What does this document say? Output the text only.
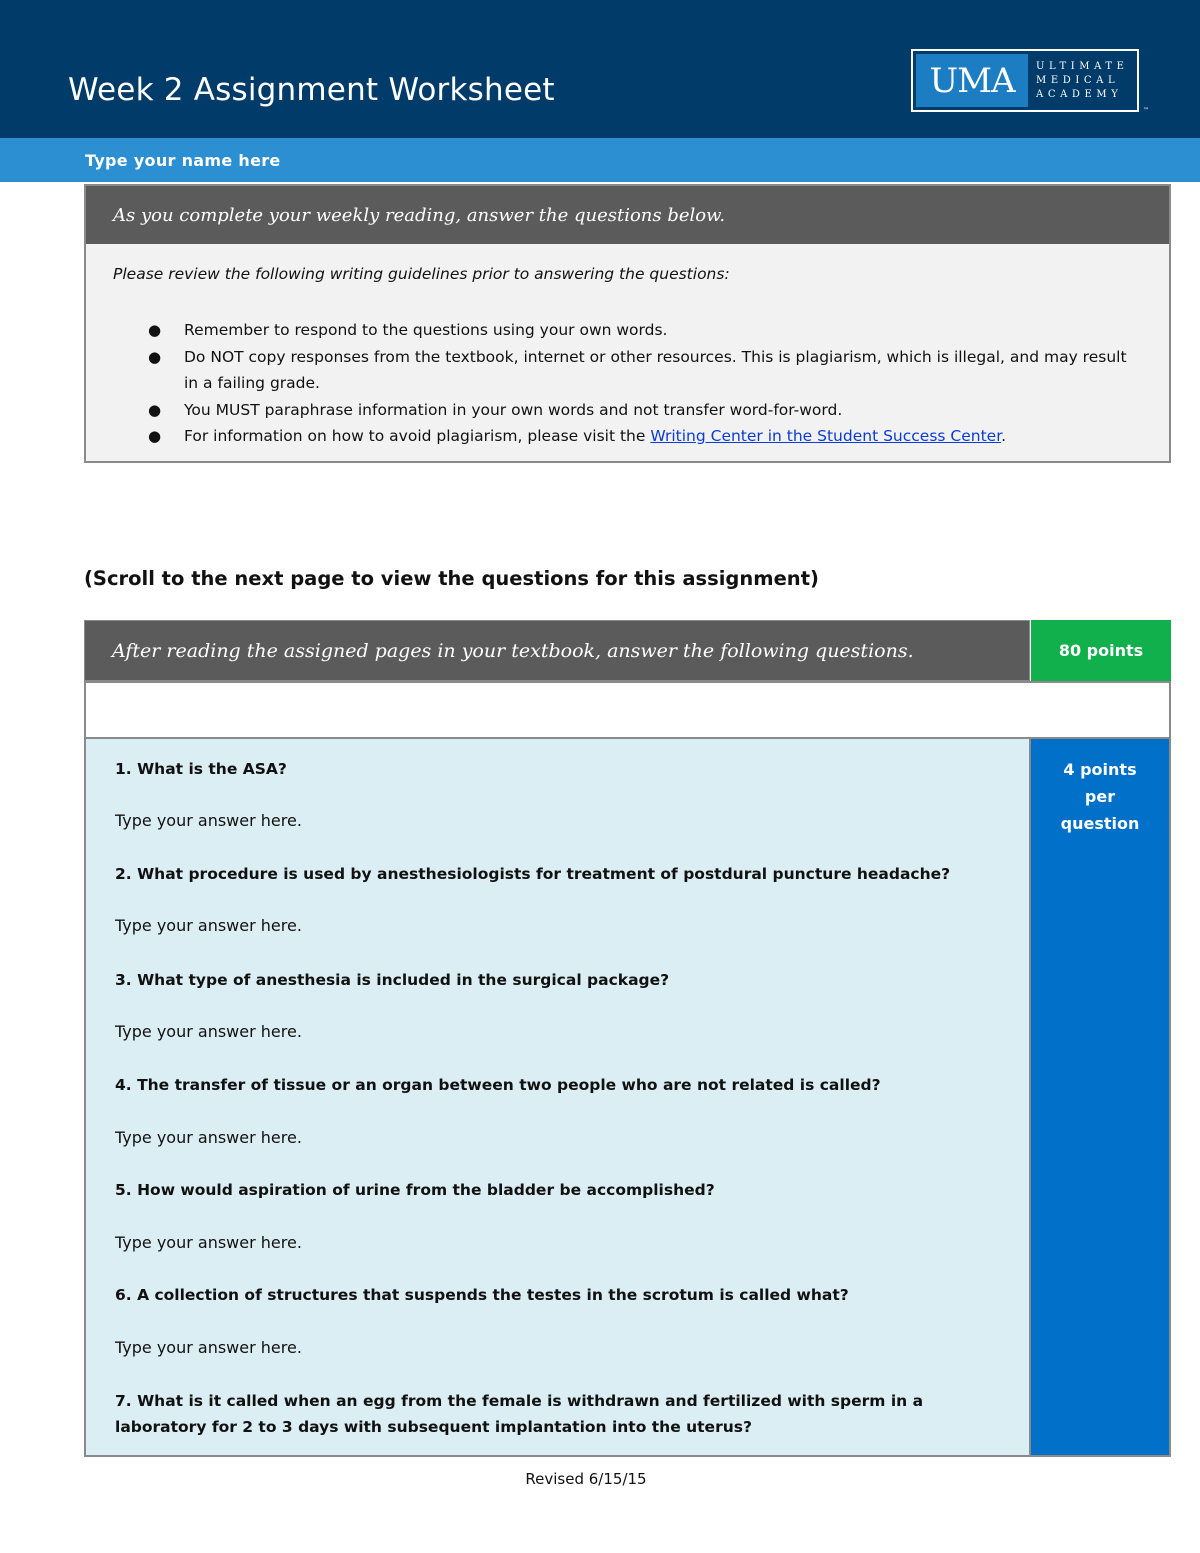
Week 2 Assignment Worksheet	UMA	ULTIMATE
MEDICAL
ACADEMY
™
Type your name here
As you complete your weekly reading, answer the questions below.
Please review the following writing guidelines prior to answering the questions:
● Remember to respond to the questions using your own words.
● Do NOT copy responses from the textbook, internet or other resources. This is plagiarism, which is illegal, and may result in a failing grade.
● You MUST paraphrase information in your own words and not transfer word-for-word.
● For information on how to avoid plagiarism, please visit the Writing Center in the Student Success Center.
(Scroll to the next page to view the questions for this assignment)
After reading the assigned pages in your textbook, answer the following questions.	80 points
1. What is the ASA?
Type your answer here.
2. What procedure is used by anesthesiologists for treatment of postdural puncture headache?
Type your answer here.
3. What type of anesthesia is included in the surgical package?
Type your answer here.
4. The transfer of tissue or an organ between two people who are not related is called?
Type your answer here.
5. How would aspiration of urine from the bladder be accomplished?
Type your answer here.
6. A collection of structures that suspends the testes in the scrotum is called what?
Type your answer here.
7. What is it called when an egg from the female is withdrawn and fertilized with sperm in a laboratory for 2 to 3 days with subsequent implantation into the uterus?
4 points
per
question
Revised 6/15/15
